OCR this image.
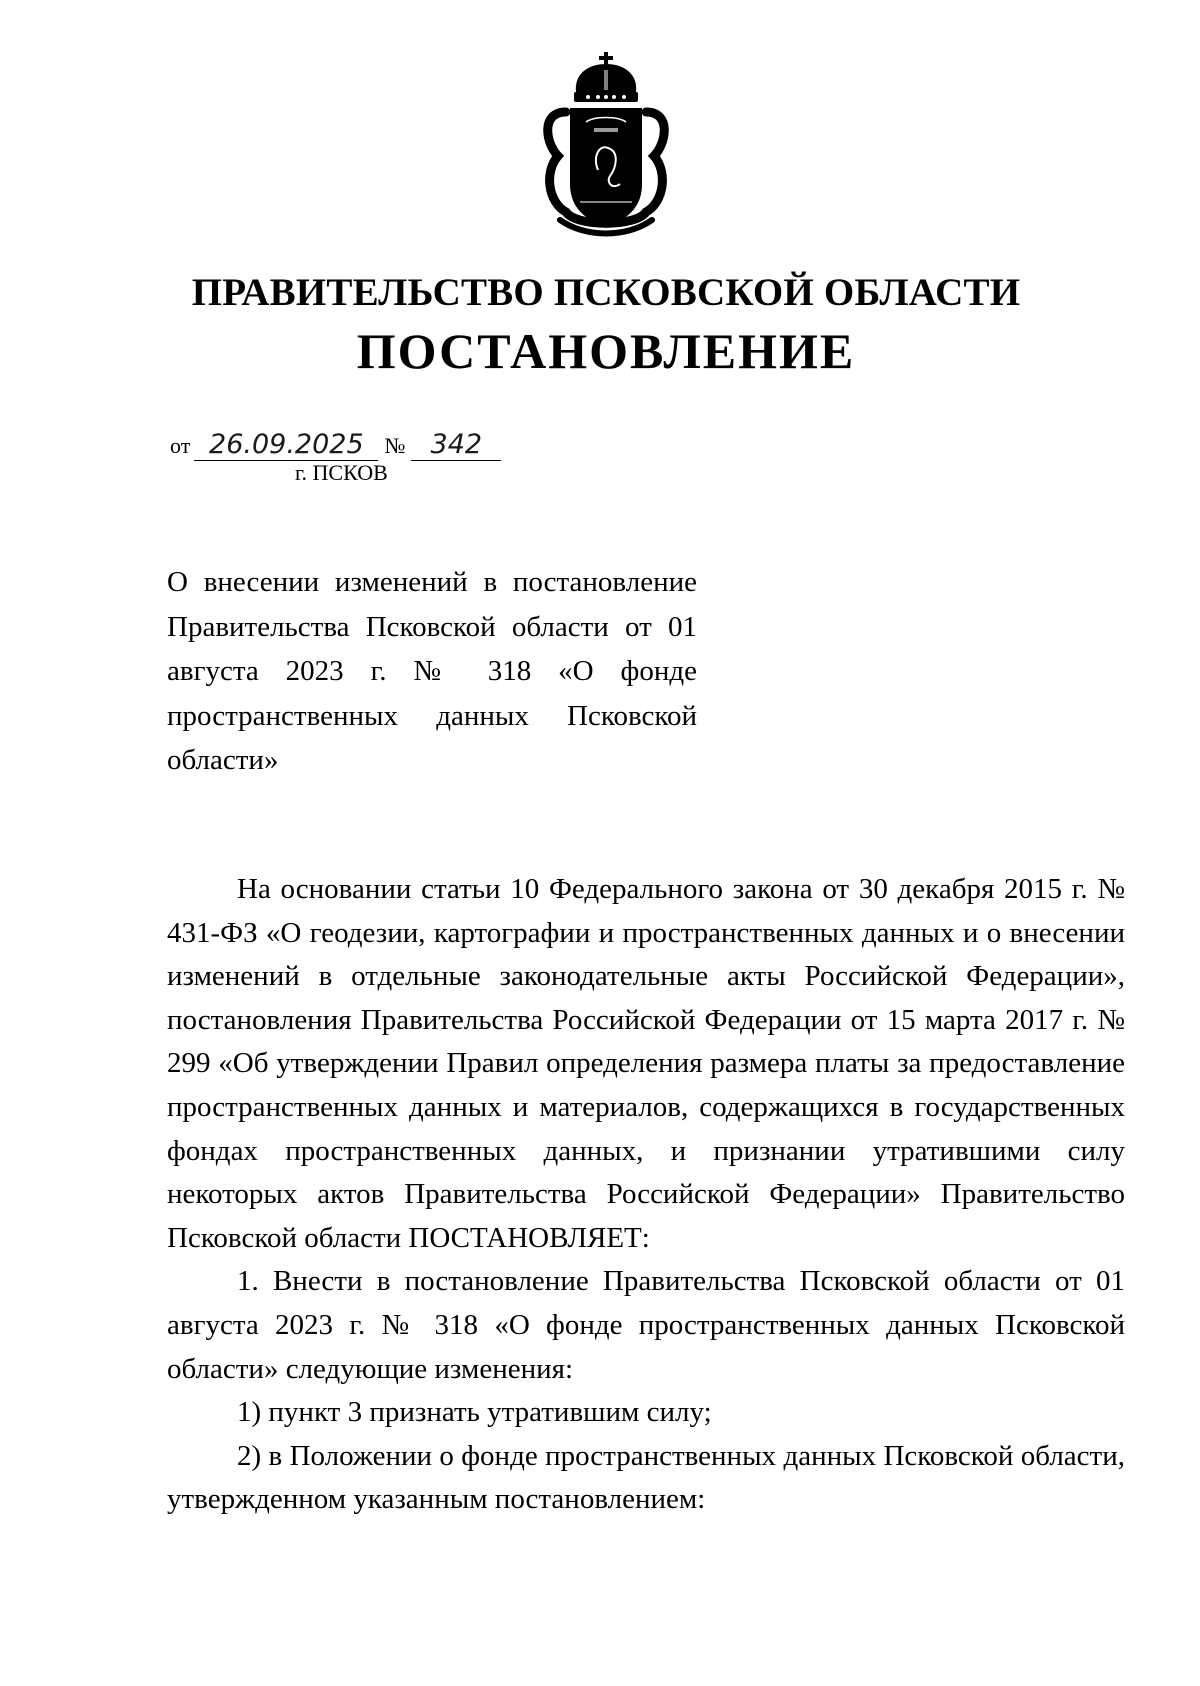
ПРАВИТЕЛЬСТВО ПСКОВСКОЙ ОБЛАСТИ
ПОСТАНОВЛЕНИЕ
от 26.09.2025 № 342
г. ПСКОВ
О внесении изменений в постановление Правительства Псковской области от 01 августа 2023 г. № 318 «О фонде пространственных данных Псковской области»

На основании статьи 10 Федерального закона от 30 декабря 2015 г. № 431-ФЗ «О геодезии, картографии и пространственных данных и о внесении изменений в отдельные законодательные акты Российской Федерации», постановления Правительства Российской Федерации от 15 марта 2017 г. № 299 «Об утверждении Правил определения размера платы за предоставление пространственных данных и материалов, содержащихся в государственных фондах пространственных данных, и признании утратившими силу некоторых актов Правительства Российской Федерации» Правительство Псковской области ПОСТАНОВЛЯЕТ:

1. Внести в постановление Правительства Псковской области от 01 августа 2023 г. № 318 «О фонде пространственных данных Псковской области» следующие изменения:

1) пункт 3 признать утратившим силу;

2) в Положении о фонде пространственных данных Псковской области, утвержденном указанным постановлением:
